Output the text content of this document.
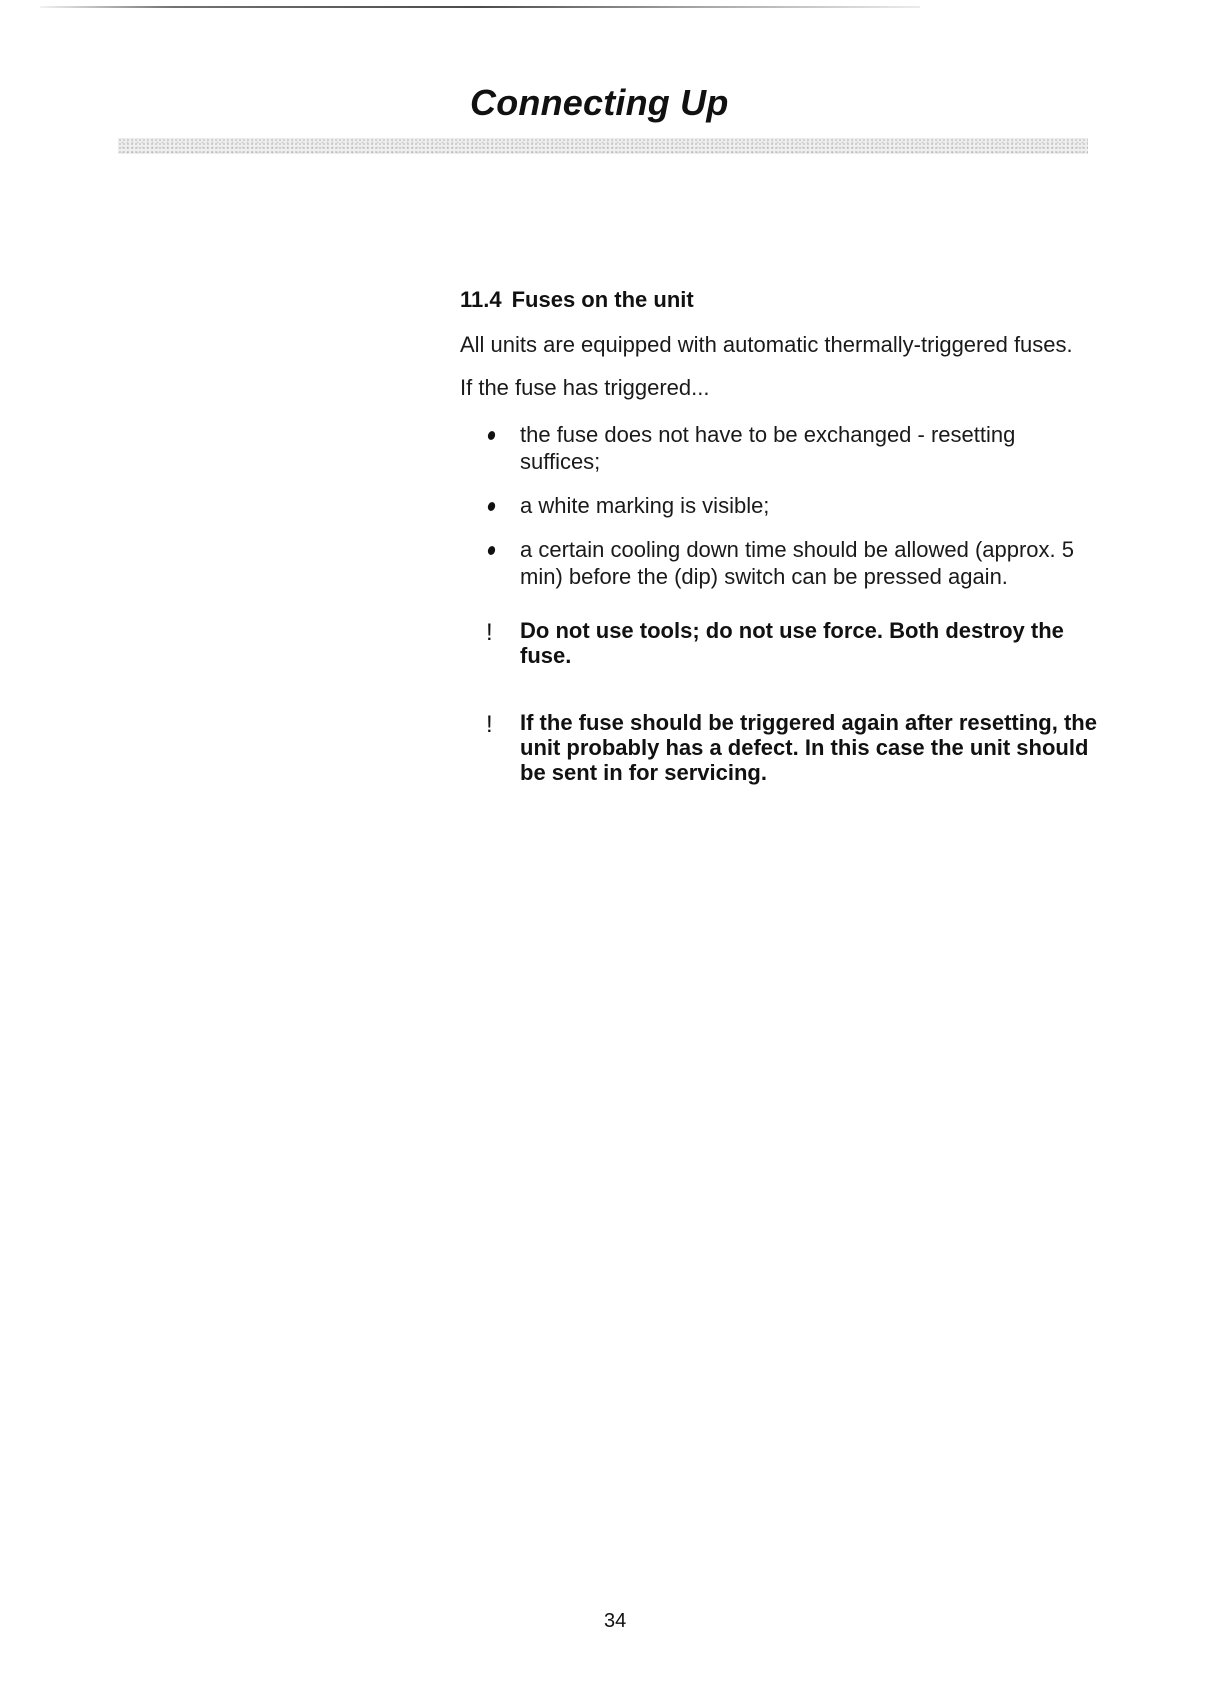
Connecting Up
11.4 Fuses on the unit

All units are equipped with automatic thermally-triggered fuses.

If the fuse has triggered...

the fuse does not have to be exchanged - resetting suffices;
a white marking is visible;
a certain cooling down time should be allowed (approx. 5 min) before the (dip) switch can be pressed again.
! Do not use tools; do not use force. Both destroy the fuse.
! If the fuse should be triggered again after resetting, the unit probably has a defect. In this case the unit should be sent in for servicing.
34
